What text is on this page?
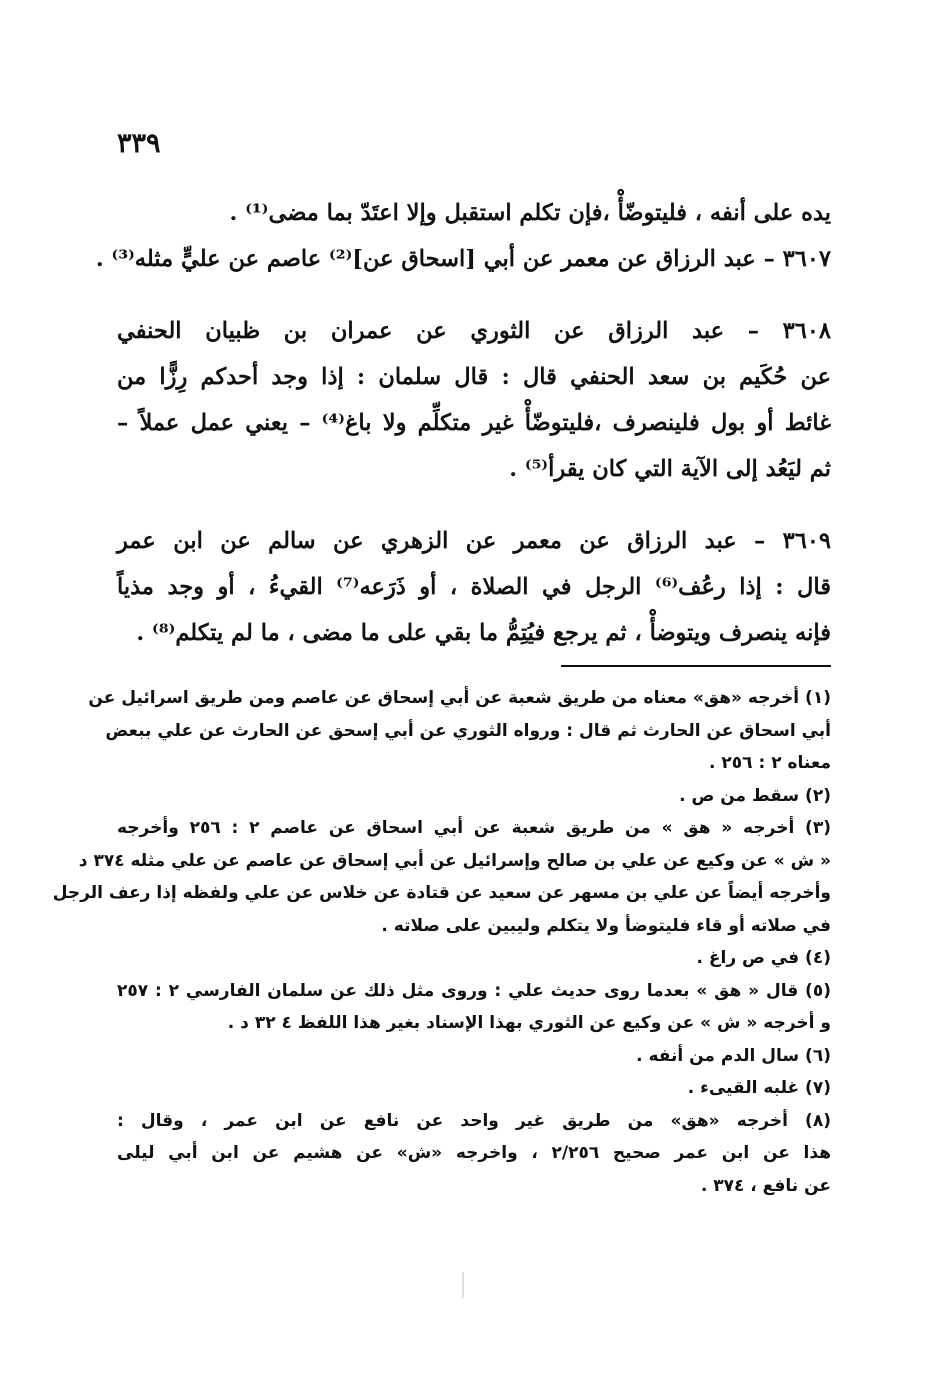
٣٣٩
يده على أنفه ، فليتوضّأْ ،فإن تكلم استقبل وإلا اعتَدّ بما مضى⁽¹⁾ .
٣٦٠٧ – عبد الرزاق عن معمر عن أبي [اسحاق عن]⁽²⁾ عاصم عن عليٍّ مثله⁽³⁾ .
٣٦٠٨ – عبد الرزاق عن الثوري عن عمران بن ظبيان الحنفي
عن حُكَيم بن سعد الحنفي قال : قال سلمان : إذا وجد أحدكم رِزًّا من
غائط أو بول فلينصرف ،فليتوضّأْ غير متكلِّم ولا باغ⁽⁴⁾ – يعني عمل عملاً –
ثم ليَعُد إلى الآية التي كان يقرأ⁽⁵⁾ .
٣٦٠٩ – عبد الرزاق عن معمر عن الزهري عن سالم عن ابن عمر
قال : إذا رعُف⁽⁶⁾ الرجل في الصلاة ، أو ذَرَعه⁽⁷⁾ القيءُ ، أو وجد مذياً
فإنه ينصرف ويتوضأْ ، ثم يرجع فيُتِمُّ ما بقي على ما مضى ، ما لم يتكلم⁽⁸⁾ .
(١) أخرجه «هق» معناه من طريق شعبة عن أبي إسحاق عن عاصم ومن طريق اسرائيل عن
أبي اسحاق عن الحارث ثم قال : ورواه الثوري عن أبي إسحق عن الحارث عن علي ببعض
معناه ٢ : ٢٥٦ .
(٢) سقط من ص .
(٣) أخرجه « هق » من طريق شعبة عن أبي اسحاق عن عاصم ٢ : ٢٥٦ وأخرجه
« ش » عن وكيع عن علي بن صالح وإسرائيل عن أبي إسحاق عن عاصم عن علي مثله ٣٧٤ د
وأخرجه أيضاً عن علي بن مسهر عن سعيد عن قتادة عن خلاس عن علي ولفظه إذا رعف الرجل
في صلاته أو قاء فليتوضأ ولا يتكلم وليبين على صلاته .
(٤) في ص راغ .
(٥) قال « هق » بعدما روى حديث علي : وروى مثل ذلك عن سلمان الفارسي ٢ : ٢٥٧
و أخرجه « ش » عن وكيع عن الثوري بهذا الإسناد بغير هذا اللفظ ٤ ٣٢ د .
(٦) سال الدم من أنفه .
(٧) غلبه القيىء .
(٨) أخرجه «هق» من طريق غير واحد عن نافع عن ابن عمر ، وقال :
هذا عن ابن عمر صحيح ٢/٢٥٦ ، واخرجه «ش» عن هشيم عن ابن أبي ليلى
عن نافع ، ٣٧٤ .
